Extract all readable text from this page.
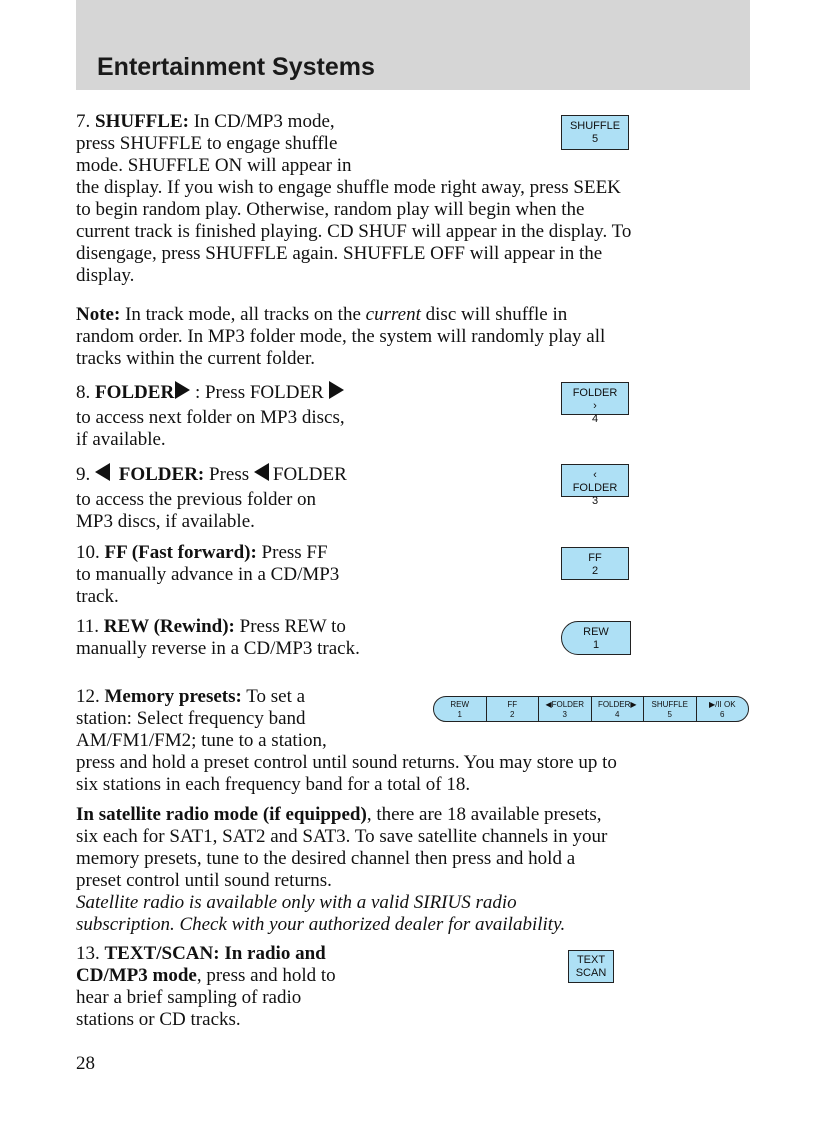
Entertainment Systems
7. SHUFFLE: In CD/MP3 mode,
press SHUFFLE to engage shuffle
mode. SHUFFLE ON will appear in
the display. If you wish to engage shuffle mode right away, press SEEK
to begin random play. Otherwise, random play will begin when the
current track is finished playing. CD SHUF will appear in the display. To
disengage, press SHUFFLE again. SHUFFLE OFF will appear in the
display.
SHUFFLE
5
Note: In track mode, all tracks on the current disc will shuffle in
random order. In MP3 folder mode, the system will randomly play all
tracks within the current folder.
8. FOLDER : Press FOLDER
to access next folder on MP3 discs,
if available.
FOLDER
›
4
9. FOLDER: Press FOLDER
to access the previous folder on
MP3 discs, if available.
‹
FOLDER
3
10. FF (Fast forward): Press FF
to manually advance in a CD/MP3
track.
FF
2
11. REW (Rewind): Press REW to
manually reverse in a CD/MP3 track.
REW
1
12. Memory presets: To set a
station: Select frequency band
AM/FM1/FM2; tune to a station,
press and hold a preset control until sound returns. You may store up to
six stations in each frequency band for a total of 18.
REW
1
FF
2
◀FOLDER
3
FOLDER▶
4
SHUFFLE
5
▶/II OK
6
In satellite radio mode (if equipped), there are 18 available presets,
six each for SAT1, SAT2 and SAT3. To save satellite channels in your
memory presets, tune to the desired channel then press and hold a
preset control until sound returns.
Satellite radio is available only with a valid SIRIUS radio
subscription. Check with your authorized dealer for availability.
13. TEXT/SCAN: In radio and
CD/MP3 mode, press and hold to
hear a brief sampling of radio
stations or CD tracks.
TEXT
SCAN
28
